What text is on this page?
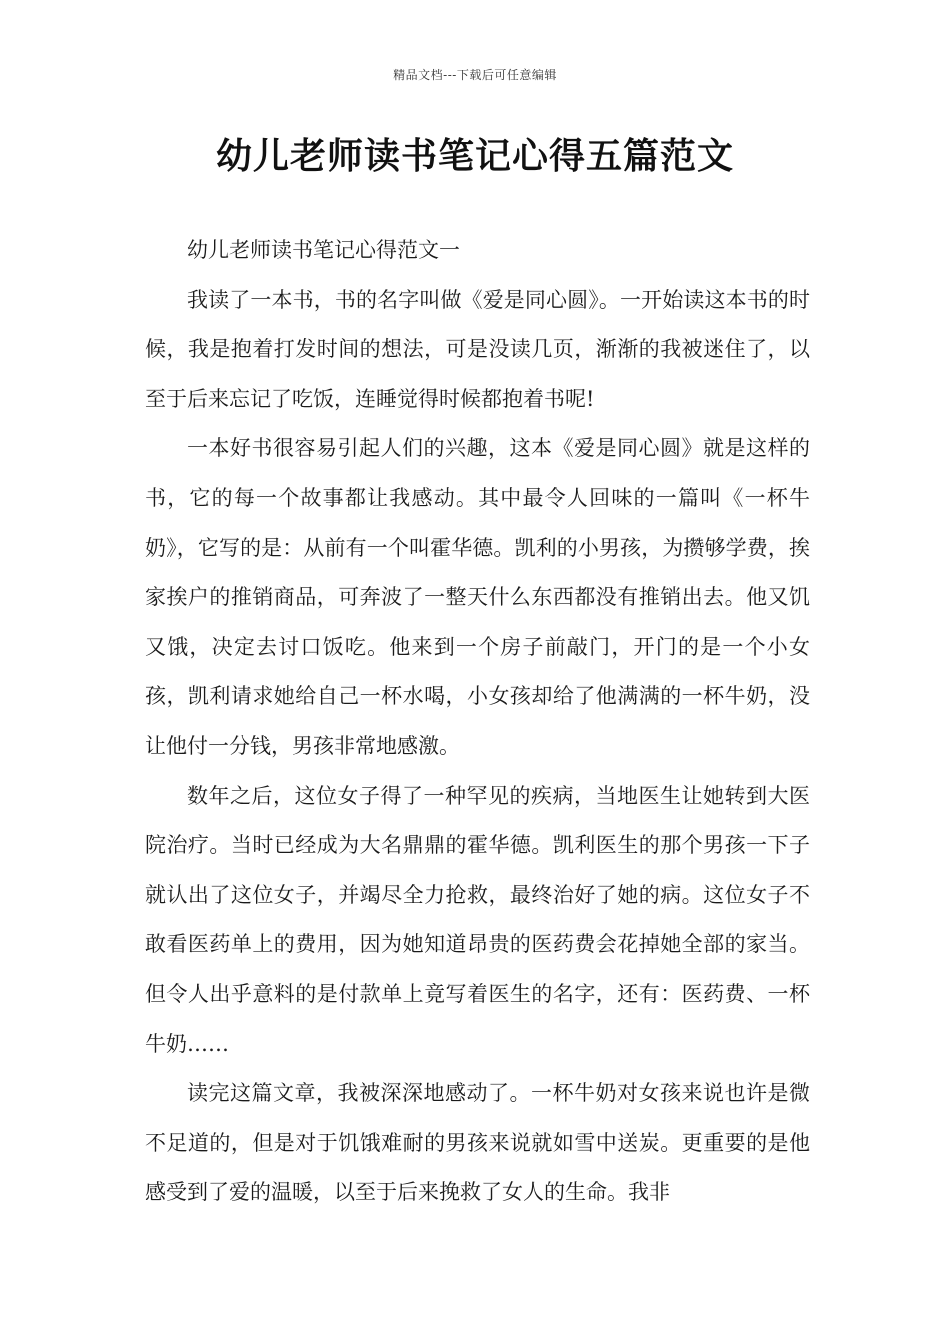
精品文档---下载后可任意编辑
幼儿老师读书笔记心得五篇范文

幼儿老师读书笔记心得范文一

我读了一本书，书的名字叫做《爱是同心圆》。一开始读这本书的时候，我是抱着打发时间的想法，可是没读几页，渐渐的我被迷住了，以至于后来忘记了吃饭，连睡觉得时候都抱着书呢!

一本好书很容易引起人们的兴趣，这本《爱是同心圆》就是这样的书，它的每一个故事都让我感动。其中最令人回味的一篇叫《一杯牛奶》，它写的是：从前有一个叫霍华德。凯利的小男孩，为攒够学费，挨家挨户的推销商品，可奔波了一整天什么东西都没有推销出去。他又饥又饿，决定去讨口饭吃。他来到一个房子前敲门，开门的是一个小女孩，凯利请求她给自己一杯水喝，小女孩却给了他满满的一杯牛奶，没让他付一分钱，男孩非常地感激。

数年之后，这位女子得了一种罕见的疾病，当地医生让她转到大医院治疗。当时已经成为大名鼎鼎的霍华德。凯利医生的那个男孩一下子就认出了这位女子，并竭尽全力抢救，最终治好了她的病。这位女子不敢看医药单上的费用，因为她知道昂贵的医药费会花掉她全部的家当。但令人出乎意料的是付款单上竟写着医生的名字，还有：医药费、一杯牛奶……

读完这篇文章，我被深深地感动了。一杯牛奶对女孩来说也许是微不足道的，但是对于饥饿难耐的男孩来说就如雪中送炭。更重要的是他感受到了爱的温暖，以至于后来挽救了女人的生命。我非
